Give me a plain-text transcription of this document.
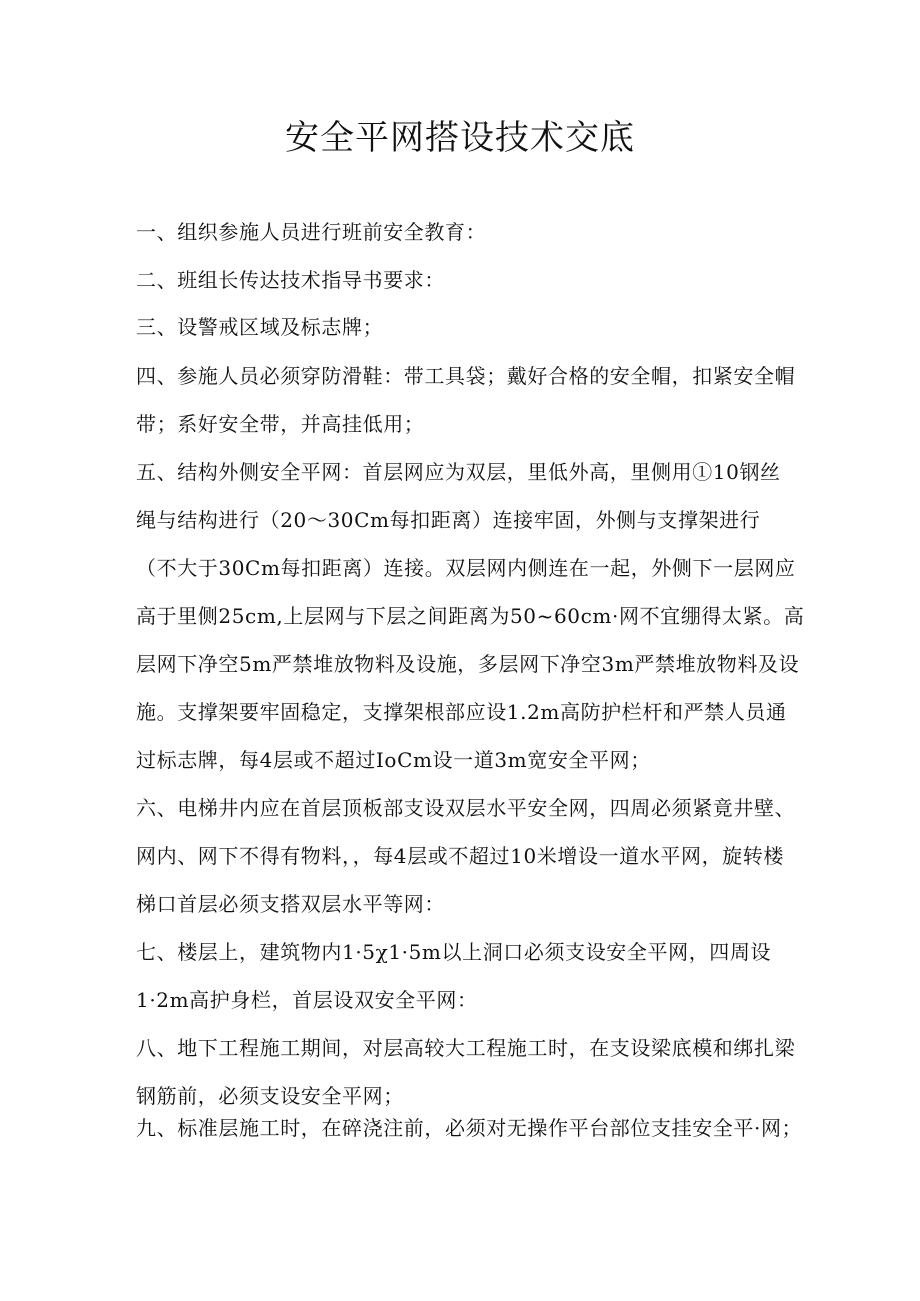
安全平网搭设技术交底

一、组织参施人员进行班前安全教育：

二、班组长传达技术指导书要求：

三、设警戒区域及标志牌；

四、参施人员必须穿防滑鞋：带工具袋；戴好合格的安全帽，扣紧安全帽

带；系好安全带，并高挂低用；

五、结构外侧安全平网：首层网应为双层，里低外高，里侧用①10钢丝

绳与结构进行（20～30Cm每扣距离）连接牢固，外侧与支撑架进行

（不大于30Cm每扣距离）连接。双层网内侧连在一起，外侧下一层网应

高于里侧25cm,上层网与下层之间距离为50~60cm·网不宜绷得太紧。高

层网下净空5m严禁堆放物料及设施，多层网下净空3m严禁堆放物料及设

施。支撑架要牢固稳定，支撑架根部应设1.2m高防护栏杆和严禁人员通

过标志牌，每4层或不超过IoCm设一道3m宽安全平网；

六、电梯井内应在首层顶板部支设双层水平安全网，四周必须紧竟井壁、

网内、网下不得有物料，，每4层或不超过10米增设一道水平网，旋转楼

梯口首层必须支搭双层水平等网：

七、楼层上，建筑物内1·5χ1·5m以上洞口必须支设安全平网，四周设

1·2m高护身栏，首层设双安全平网：

八、地下工程施工期间，对层高较大工程施工时，在支设梁底模和绑扎梁

钢筋前，必须支设安全平网；

九、标准层施工时，在碎浇注前，必须对无操作平台部位支挂安全平·网；
